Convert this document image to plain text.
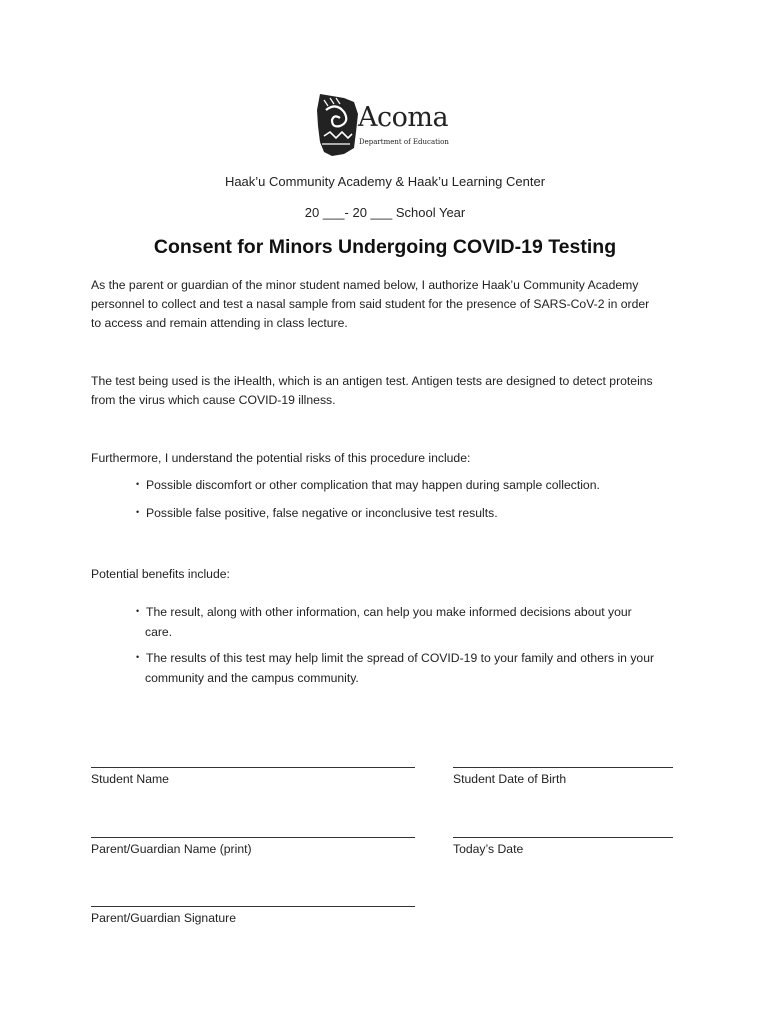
Acoma
Department of Education
Haak’u Community Academy & Haak’u Learning Center
20 ___- 20 ___ School Year
Consent for Minors Undergoing COVID-19 Testing
As the parent or guardian of the minor student named below, I authorize Haak’u Community Academy
personnel to collect and test a nasal sample from said student for the presence of SARS-CoV-2 in order
to access and remain attending in class lecture.
The test being used is the iHealth, which is an antigen test. Antigen tests are designed to detect proteins
from the virus which cause COVID-19 illness.
Furthermore, I understand the potential risks of this procedure include:
• Possible discomfort or other complication that may happen during sample collection.
• Possible false positive, false negative or inconclusive test results.
Potential benefits include:
• The result, along with other information, can help you make informed decisions about your
care.
• The results of this test may help limit the spread of COVID-19 to your family and others in your
community and the campus community.
Student Name	Student Date of Birth
Parent/Guardian Name (print)	Today’s Date
Parent/Guardian Signature
